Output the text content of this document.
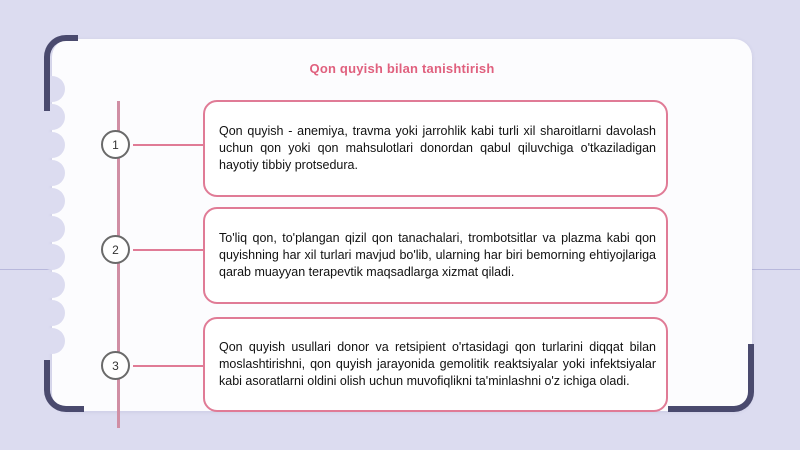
Qon quyish bilan tanishtirish
1
2
3

Qon quyish - anemiya, travma yoki jarrohlik kabi turli xil sharoitlarni davolash uchun qon yoki qon mahsulotlari donordan qabul qiluvchiga o'tkaziladigan hayotiy tibbiy protsedura.

To'liq qon, to'plangan qizil qon tanachalari, trombotsitlar va plazma kabi qon quyishning har xil turlari mavjud bo'lib, ularning har biri bemorning ehtiyojlariga qarab muayyan terapevtik maqsadlarga xizmat qiladi.

Qon quyish usullari donor va retsipient o'rtasidagi qon turlarini diqqat bilan moslashtirishni, qon quyish jarayonida gemolitik reaktsiyalar yoki infektsiyalar kabi asoratlarni oldini olish uchun muvofiqlikni ta'minlashni o'z ichiga oladi.
